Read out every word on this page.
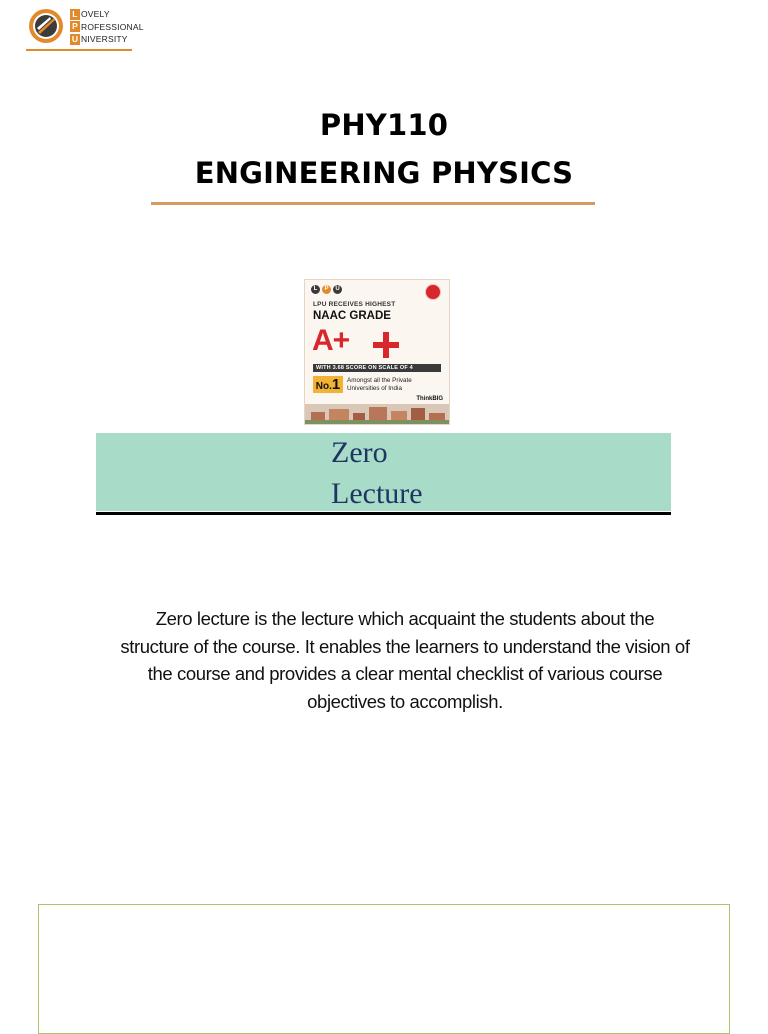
L OVELY
P ROFESSIONAL
U NIVERSITY
PHY110
ENGINEERING PHYSICS
L	P	U
LPU RECEIVES HIGHEST
NAAC GRADE
A+
WITH 3.68 SCORE ON SCALE OF 4
No.1	Amongst all the Private Universities of India
ThinkBIG
Zero
Lecture
Zero lecture is the lecture which acquaint the students about the structure of the course. It enables the learners to understand the vision of the course and provides a clear mental checklist of various course objectives to accomplish.
